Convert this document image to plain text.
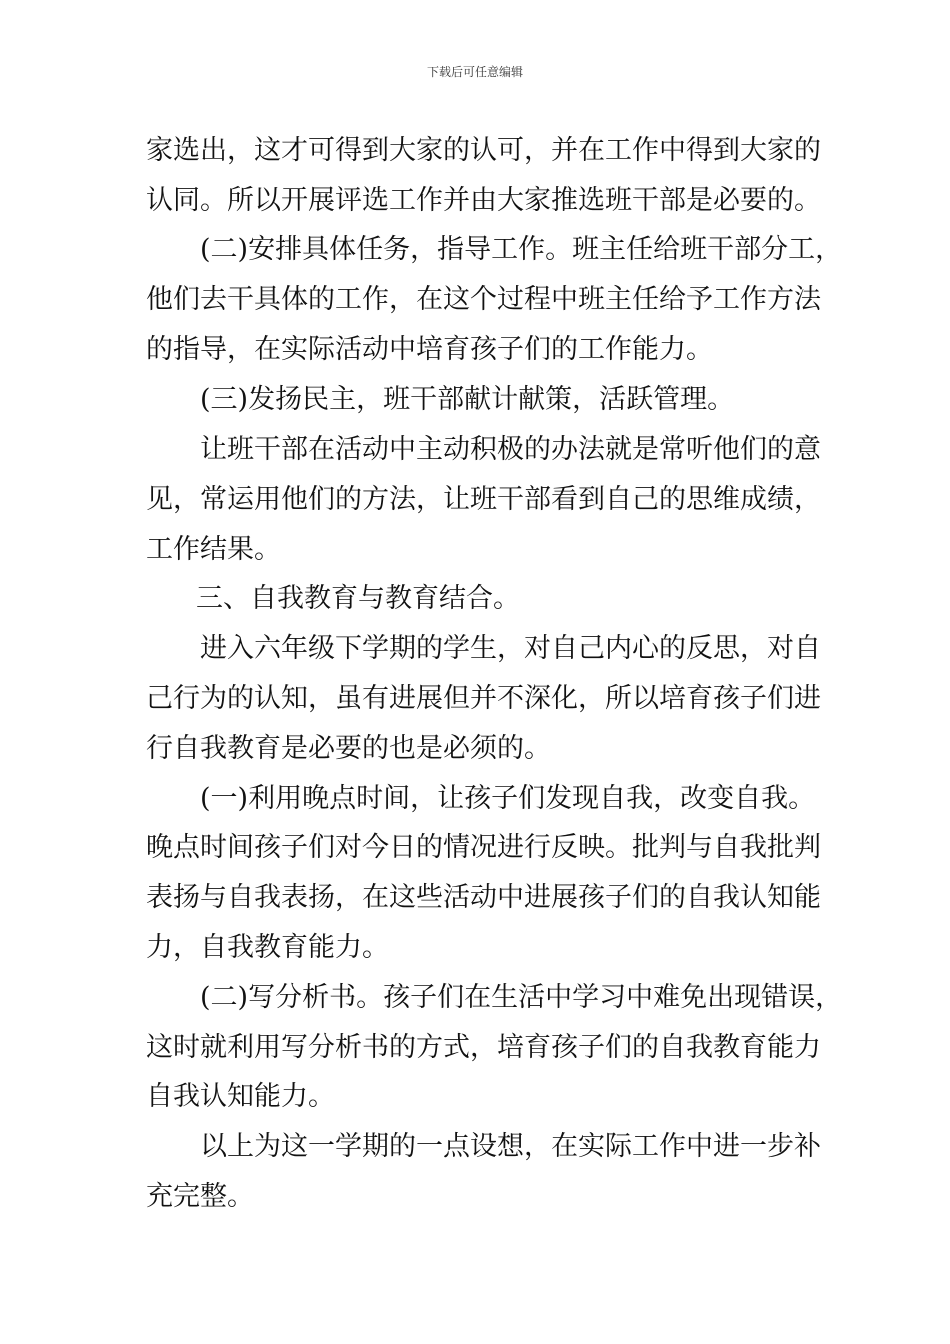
下载后可任意编辑
家选出，这才可得到大家的认可，并在工作中得到大家的
认同。所以开展评选工作并由大家推选班干部是必要的。
(二)安排具体任务，指导工作。班主任给班干部分工，
他们去干具体的工作，在这个过程中班主任给予工作方法
的指导，在实际活动中培育孩子们的工作能力。
(三)发扬民主，班干部献计献策，活跃管理。
让班干部在活动中主动积极的办法就是常听他们的意
见，常运用他们的方法，让班干部看到自己的思维成绩，
工作结果。
三、自我教育与教育结合。
进入六年级下学期的学生，对自己内心的反思，对自
己行为的认知，虽有进展但并不深化，所以培育孩子们进
行自我教育是必要的也是必须的。
(一)利用晚点时间，让孩子们发现自我，改变自我。
晚点时间孩子们对今日的情况进行反映。批判与自我批判
表扬与自我表扬，在这些活动中进展孩子们的自我认知能
力，自我教育能力。
(二)写分析书。孩子们在生活中学习中难免出现错误，
这时就利用写分析书的方式，培育孩子们的自我教育能力
自我认知能力。
以上为这一学期的一点设想，在实际工作中进一步补
充完整。
